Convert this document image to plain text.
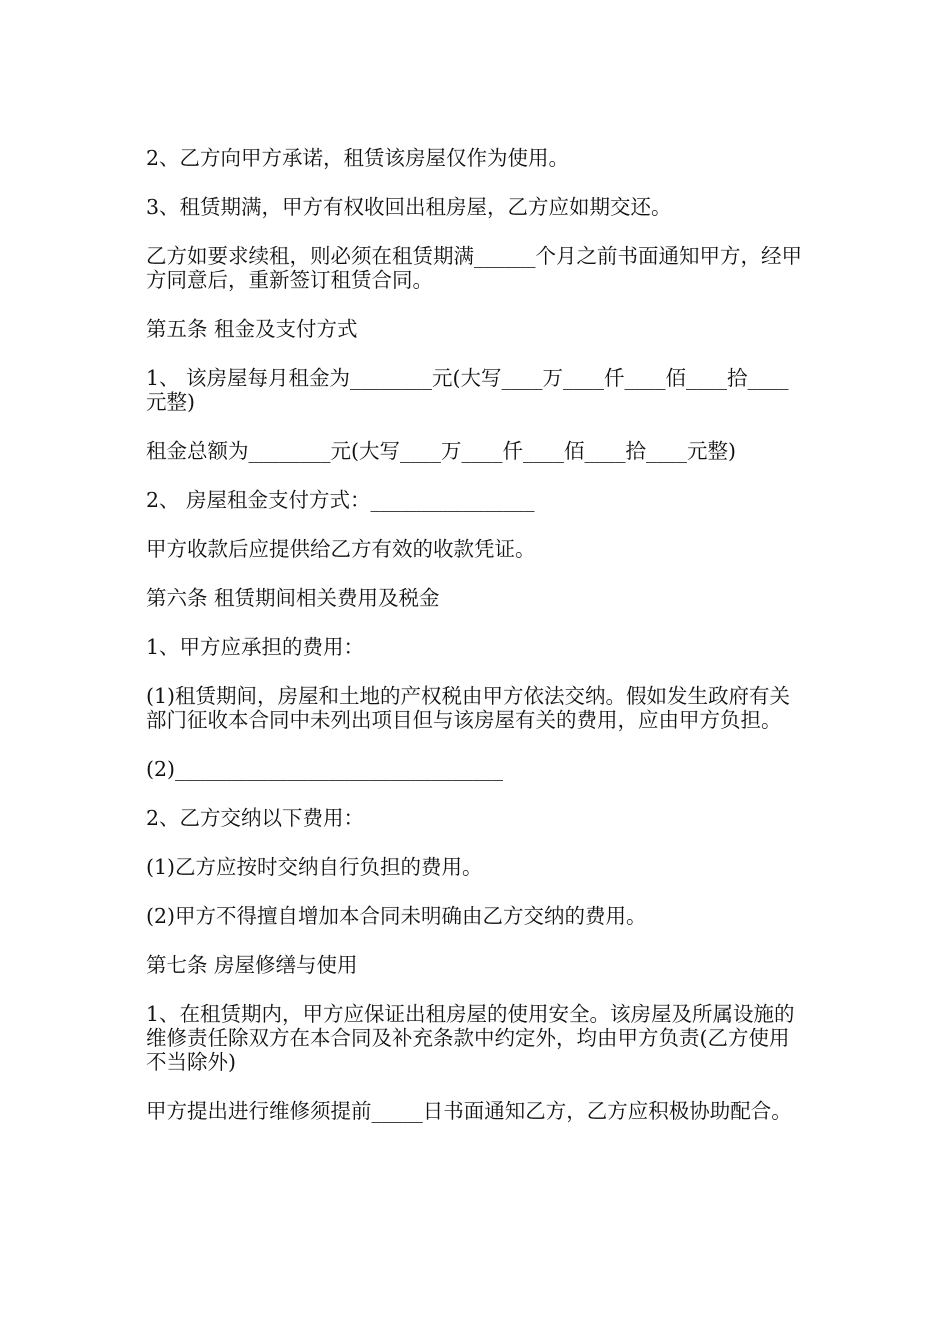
2、乙方向甲方承诺，租赁该房屋仅作为使用。

3、租赁期满，甲方有权收回出租房屋，乙方应如期交还。

乙方如要求续租，则必须在租赁期满______个月之前书面通知甲方，经甲方同意后，重新签订租赁合同。

第五条 租金及支付方式

1、 该房屋每月租金为________元(大写____万____仟____佰____拾____元整)

租金总额为________元(大写____万____仟____佰____拾____元整)

2、 房屋租金支付方式：________________

甲方收款后应提供给乙方有效的收款凭证。

第六条 租赁期间相关费用及税金

1、甲方应承担的费用：

(1)租赁期间，房屋和土地的产权税由甲方依法交纳。假如发生政府有关部门征收本合同中未列出项目但与该房屋有关的费用，应由甲方负担。

(2)________________________________

2、乙方交纳以下费用：

(1)乙方应按时交纳自行负担的费用。

(2)甲方不得擅自增加本合同未明确由乙方交纳的费用。

第七条 房屋修缮与使用

1、在租赁期内，甲方应保证出租房屋的使用安全。该房屋及所属设施的维修责任除双方在本合同及补充条款中约定外，均由甲方负责(乙方使用不当除外)

甲方提出进行维修须提前_____日书面通知乙方，乙方应积极协助配合。
